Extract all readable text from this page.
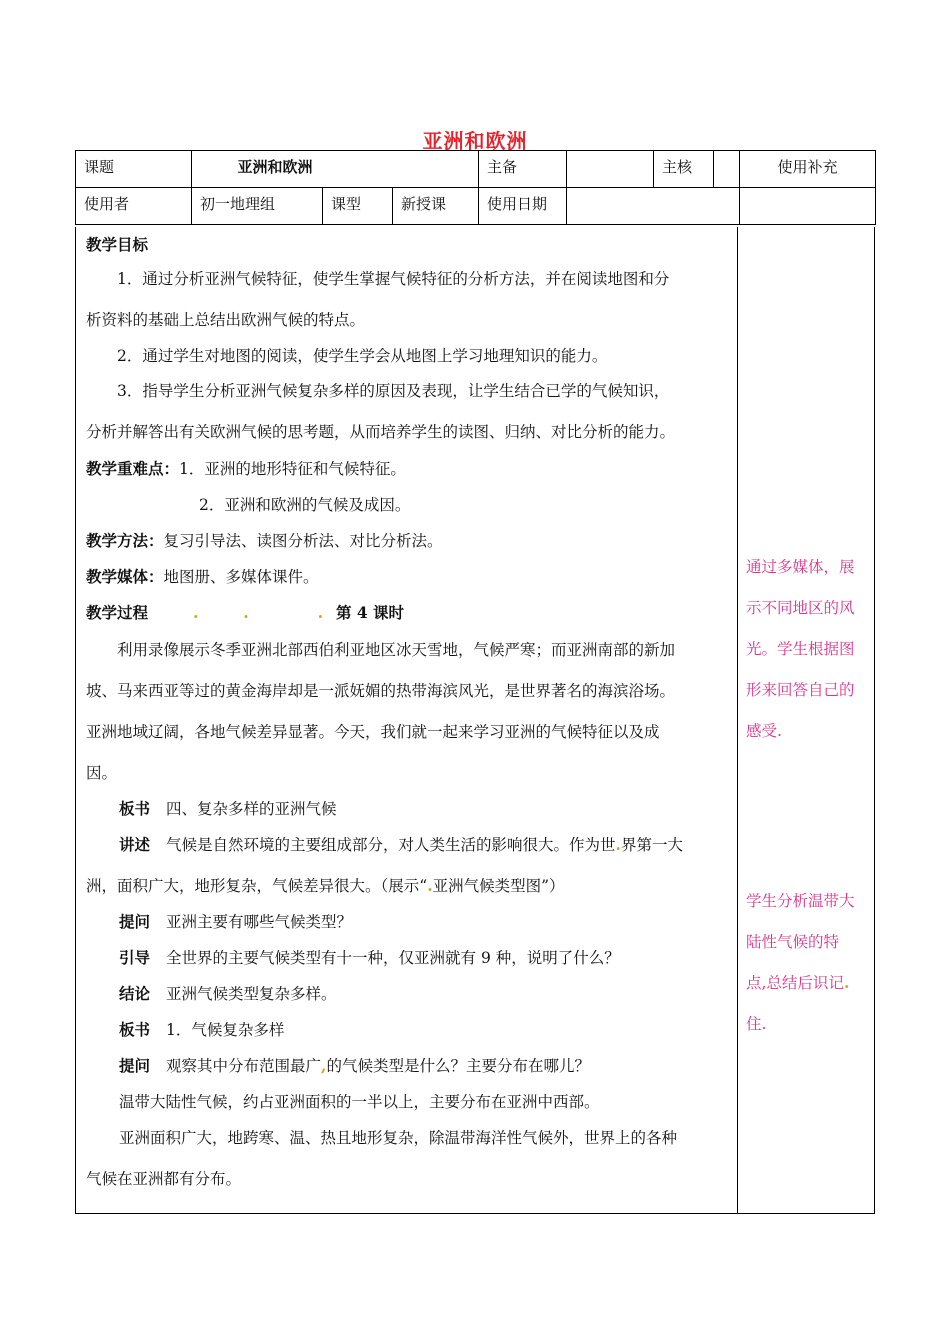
亚洲和欧洲
课题	亚洲和欧洲			主备	主核	使用补充
使用者	初一地理组	课型	新授课	使用日期		
教学目标
1．通过分析亚洲气候特征，使学生掌握气候特征的分析方法，并在阅读地图和分
析资料的基础上总结出欧洲气候的特点。
2．通过学生对地图的阅读，使学生学会从地图上学习地理知识的能力。
3．指导学生分析亚洲气候复杂多样的原因及表现，让学生结合已学的气候知识，
分析并解答出有关欧洲气候的思考题，从而培养学生的读图、归纳、对比分析的能力。
教学重难点：1．亚洲的地形特征和气候特征。
2．亚洲和欧洲的气候及成因。
教学方法：复习引导法、读图分析法、对比分析法。
教学媒体：地图册、多媒体课件。
教学过程	.	.	. 第 4 课时
利用录像展示冬季亚洲北部西伯利亚地区冰天雪地，气候严寒；而亚洲南部的新加
坡、马来西亚等过的黄金海岸却是一派妩媚的热带海滨风光，是世界著名的海滨浴场。
亚洲地域辽阔，各地气候差异显著。今天，我们就一起来学习亚洲的气候特征以及成
因。
板书 四、复杂多样的亚洲气候
讲述 气候是自然环境的主要组成部分，对人类生活的影响很大。作为世.界第一大
洲，面积广大，地形复杂，气候差异很大。（展示“.亚洲气候类型图”）
提问 亚洲主要有哪些气候类型？
引导 全世界的主要气候类型有十一种，仅亚洲就有 9 种，说明了什么？
结论 亚洲气候类型复杂多样。
板书 1．气候复杂多样
提问 观察其中分布范围最广,的气候类型是什么？主要分布在哪儿？
温带大陆性气候，约占亚洲面积的一半以上，主要分布在亚洲中西部。
亚洲面积广大，地跨寒、温、热且地形复杂，除温带海洋性气候外，世界上的各种
气候在亚洲都有分布。
通过多媒体，展
示不同地区的风
光。学生根据图
形来回答自己的
感受.
学生分析温带大
陆性气候的特
点,总结后识记.
住.
